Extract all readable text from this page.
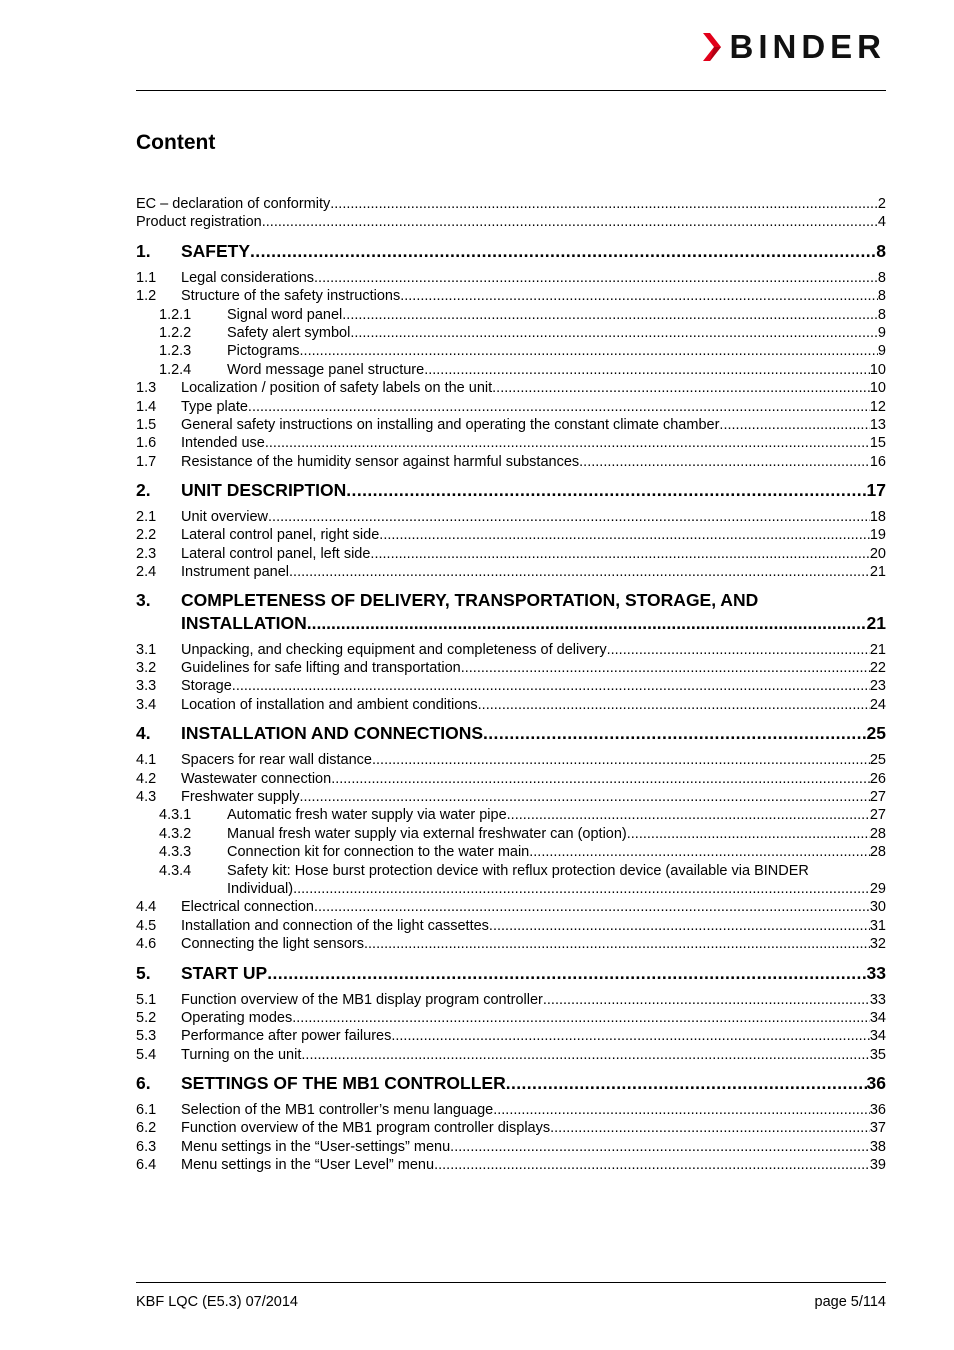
BINDER
Content
EC – declaration of conformity .....	2
Product registration .....	4
1.	SAFETY .....	8
1.1	Legal considerations .....	8
1.2	Structure of the safety instructions .....	8
1.2.1	Signal word panel .....	8
1.2.2	Safety alert symbol .....	9
1.2.3	Pictograms .....	9
1.2.4	Word message panel structure .....	10
1.3	Localization / position of safety labels on the unit .....	10
1.4	Type plate .....	12
1.5	General safety instructions on installing and operating the constant climate chamber .....	13
1.6	Intended use .....	15
1.7	Resistance of the humidity sensor against harmful substances .....	16
2.	UNIT DESCRIPTION .....	17
2.1	Unit overview .....	18
2.2	Lateral control panel, right side .....	19
2.3	Lateral control panel, left side .....	20
2.4	Instrument panel .....	21
3.	COMPLETENESS OF DELIVERY, TRANSPORTATION, STORAGE, AND
INSTALLATION .....	21
3.1	Unpacking, and checking equipment and completeness of delivery .....	21
3.2	Guidelines for safe lifting and transportation .....	22
3.3	Storage .....	23
3.4	Location of installation and ambient conditions .....	24
4.	INSTALLATION AND CONNECTIONS .....	25
4.1	Spacers for rear wall distance .....	25
4.2	Wastewater connection .....	26
4.3	Freshwater supply .....	27
4.3.1	Automatic fresh water supply via water pipe .....	27
4.3.2	Manual fresh water supply via external freshwater can (option) .....	28
4.3.3	Connection kit for connection to the water main .....	28
4.3.4	Safety kit: Hose burst protection device with reflux protection device (available via BINDER
Individual) .....	29
4.4	Electrical connection .....	30
4.5	Installation and connection of the light cassettes .....	31
4.6	Connecting the light sensors .....	32
5.	START UP .....	33
5.1	Function overview of the MB1 display program controller .....	33
5.2	Operating modes .....	34
5.3	Performance after power failures .....	34
5.4	Turning on the unit .....	35
6.	SETTINGS OF THE MB1 CONTROLLER .....	36
6.1	Selection of the MB1 controller’s menu language .....	36
6.2	Function overview of the MB1 program controller displays .....	37
6.3	Menu settings in the “User-settings” menu .....	38
6.4	Menu settings in the “User Level” menu .....	39
KBF LQC (E5.3) 07/2014	page 5/114
